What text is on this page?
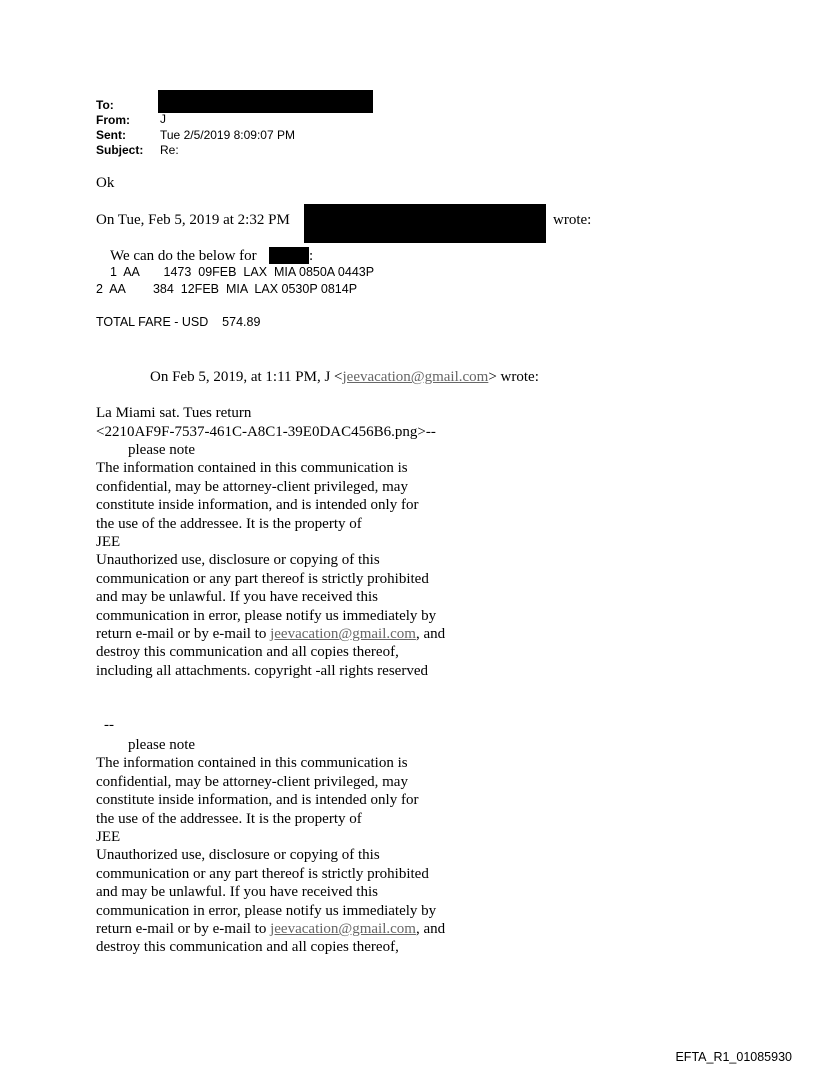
To:
From:	J
Sent:	Tue 2/5/2019 8:09:07 PM
Subject: Re:
Ok
On Tue, Feb 5, 2019 at 2:32 PM	wrote:
We can do the below for	:
1  AA       1473  09FEB  LAX  MIA 0850A 0443P
2  AA        384  12FEB  MIA  LAX 0530P 0814P
TOTAL FARE - USD    574.89
On Feb 5, 2019, at 1:11 PM, J <jeevacation@gmail.com> wrote:
La Miami sat. Tues return
<2210AF9F-7537-461C-A8C1-39E0DAC456B6.png>--
please note
The information contained in this communication is
confidential, may be attorney-client privileged, may
constitute inside information, and is intended only for
the use of the addressee. It is the property of
JEE
Unauthorized use, disclosure or copying of this
communication or any part thereof is strictly prohibited
and may be unlawful. If you have received this
communication in error, please notify us immediately by
return e-mail or by e-mail to jeevacation@gmail.com, and
destroy this communication and all copies thereof,
including all attachments. copyright -all rights reserved
--
please note
The information contained in this communication is
confidential, may be attorney-client privileged, may
constitute inside information, and is intended only for
the use of the addressee. It is the property of
JEE
Unauthorized use, disclosure or copying of this
communication or any part thereof is strictly prohibited
and may be unlawful. If you have received this
communication in error, please notify us immediately by
return e-mail or by e-mail to jeevacation@gmail.com, and
destroy this communication and all copies thereof,
EFTA_R1_01085930
